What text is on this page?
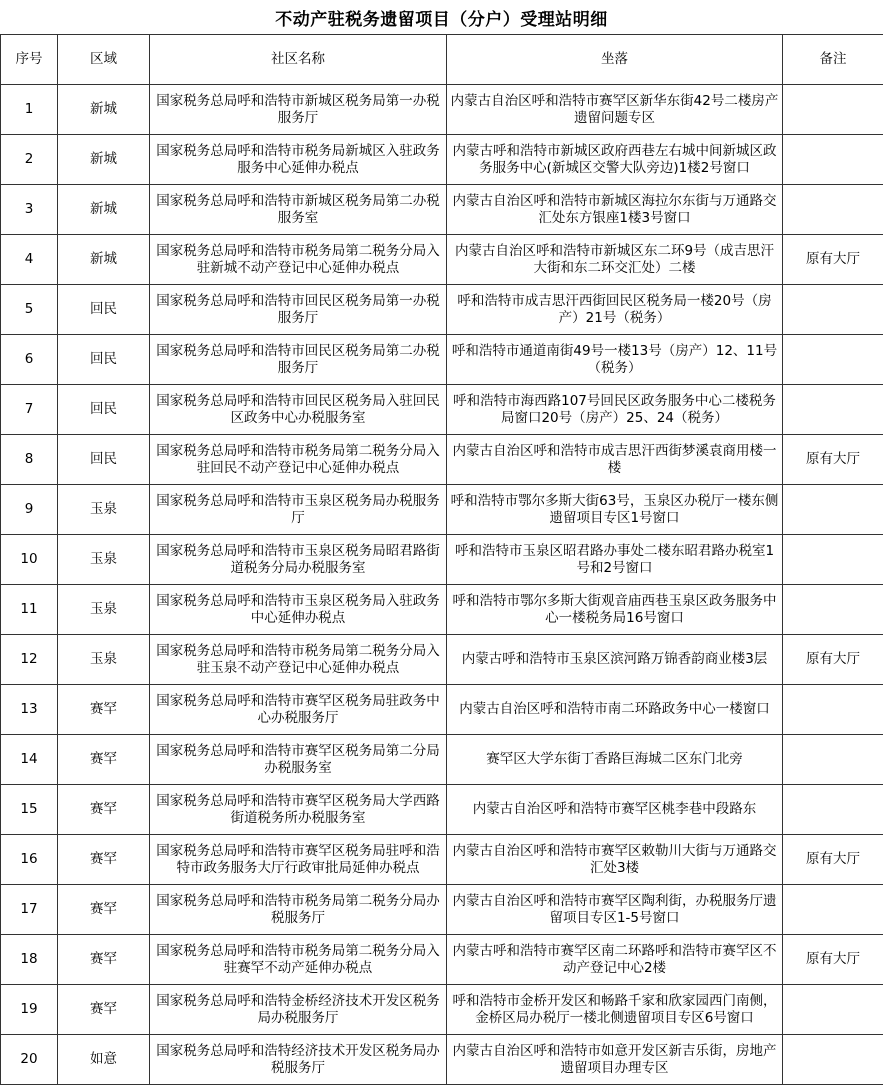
不动产驻税务遗留项目（分户）受理站明细
序号	区域	社区名称	坐落	备注
1	新城	国家税务总局呼和浩特市新城区税务局第一办税服务厅	内蒙古自治区呼和浩特市赛罕区新华东街42号二楼房产遗留问题专区	
2	新城	国家税务总局呼和浩特市税务局新城区入驻政务服务中心延伸办税点	内蒙古呼和浩特市新城区政府西巷左右城中间新城区政务服务中心(新城区交警大队旁边)1楼2号窗口	
3	新城	国家税务总局呼和浩特市新城区税务局第二办税服务室	内蒙古自治区呼和浩特市新城区海拉尔东街与万通路交汇处东方银座1楼3号窗口	
4	新城	国家税务总局呼和浩特市税务局第二税务分局入驻新城不动产登记中心延伸办税点	内蒙古自治区呼和浩特市新城区东二环9号（成吉思汗大街和东二环交汇处）二楼	原有大厅
5	回民	国家税务总局呼和浩特市回民区税务局第一办税服务厅	呼和浩特市成吉思汗西街回民区税务局一楼20号（房产）21号（税务）	
6	回民	国家税务总局呼和浩特市回民区税务局第二办税服务厅	呼和浩特市通道南街49号一楼13号（房产）12、11号（税务）	
7	回民	国家税务总局呼和浩特市回民区税务局入驻回民区政务中心办税服务室	呼和浩特市海西路107号回民区政务服务中心二楼税务局窗口20号（房产）25、24（税务）	
8	回民	国家税务总局呼和浩特市税务局第二税务分局入驻回民不动产登记中心延伸办税点	内蒙古自治区呼和浩特市成吉思汗西街梦溪袁商用楼一楼	原有大厅
9	玉泉	国家税务总局呼和浩特市玉泉区税务局办税服务厅	呼和浩特市鄂尔多斯大街63号，玉泉区办税厅一楼东侧遗留项目专区1号窗口	
10	玉泉	国家税务总局呼和浩特市玉泉区税务局昭君路街道税务分局办税服务室	呼和浩特市玉泉区昭君路办事处二楼东昭君路办税室1号和2号窗口	
11	玉泉	国家税务总局呼和浩特市玉泉区税务局入驻政务中心延伸办税点	呼和浩特市鄂尔多斯大街观音庙西巷玉泉区政务服务中心一楼税务局16号窗口	
12	玉泉	国家税务总局呼和浩特市税务局第二税务分局入驻玉泉不动产登记中心延伸办税点	内蒙古呼和浩特市玉泉区滨河路万锦香韵商业楼3层	原有大厅
13	赛罕	国家税务总局呼和浩特市赛罕区税务局驻政务中心办税服务厅	内蒙古自治区呼和浩特市南二环路政务中心一楼窗口	
14	赛罕	国家税务总局呼和浩特市赛罕区税务局第二分局办税服务室	赛罕区大学东街丁香路巨海城二区东门北旁	
15	赛罕	国家税务总局呼和浩特市赛罕区税务局大学西路街道税务所办税服务室	内蒙古自治区呼和浩特市赛罕区桃李巷中段路东	
16	赛罕	国家税务总局呼和浩特市赛罕区税务局驻呼和浩特市政务服务大厅行政审批局延伸办税点	内蒙古自治区呼和浩特市赛罕区敕勒川大街与万通路交汇处3楼	原有大厅
17	赛罕	国家税务总局呼和浩特市税务局第二税务分局办税服务厅	内蒙古自治区呼和浩特市赛罕区陶利街，办税服务厅遗留项目专区1-5号窗口	
18	赛罕	国家税务总局呼和浩特市税务局第二税务分局入驻赛罕不动产延伸办税点	内蒙古呼和浩特市赛罕区南二环路呼和浩特市赛罕区不动产登记中心2楼	原有大厅
19	赛罕	国家税务总局呼和浩特金桥经济技术开发区税务局办税服务厅	呼和浩特市金桥开发区和畅路千家和欣家园西门南侧，金桥区局办税厅一楼北侧遗留项目专区6号窗口	
20	如意	国家税务总局呼和浩特经济技术开发区税务局办税服务厅	内蒙古自治区呼和浩特市如意开发区新吉乐街，房地产遗留项目办理专区	
